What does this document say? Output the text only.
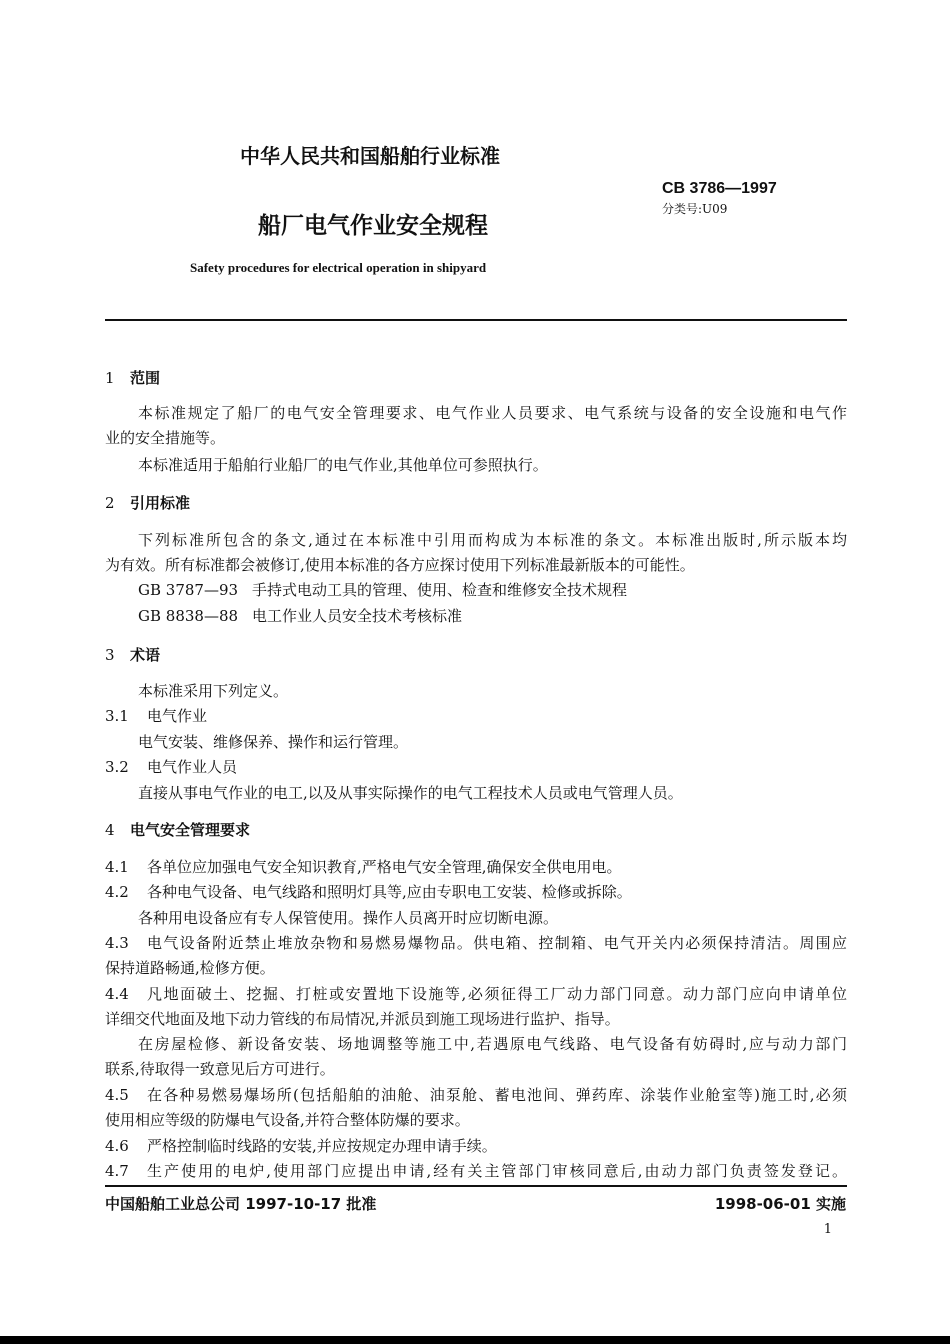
中华人民共和国船舶行业标准
CB 3786—1997
分类号:U09
船厂电气作业安全规程
Safety procedures for electrical operation in shipyard
1 范围
本标准规定了船厂的电气安全管理要求、电气作业人员要求、电气系统与设备的安全设施和电气作
业的安全措施等。
本标准适用于船舶行业船厂的电气作业,其他单位可参照执行。
2 引用标准
下列标准所包含的条文,通过在本标准中引用而构成为本标准的条文。本标准出版时,所示版本均
为有效。所有标准都会被修订,使用本标准的各方应探讨使用下列标准最新版本的可能性。
GB 3787—93 手持式电动工具的管理、使用、检查和维修安全技术规程
GB 8838—88 电工作业人员安全技术考核标准
3 术语
本标准采用下列定义。
3.1 电气作业
电气安装、维修保养、操作和运行管理。
3.2 电气作业人员
直接从事电气作业的电工,以及从事实际操作的电气工程技术人员或电气管理人员。
4 电气安全管理要求
4.1 各单位应加强电气安全知识教育,严格电气安全管理,确保安全供电用电。
4.2 各种电气设备、电气线路和照明灯具等,应由专职电工安装、检修或拆除。
各种用电设备应有专人保管使用。操作人员离开时应切断电源。
4.3	电气设备附近禁止堆放杂物和易燃易爆物品。供电箱、控制箱、电气开关内必须保持清洁。周围应
保持道路畅通,检修方便。
4.4	凡地面破土、挖掘、打桩或安置地下设施等,必须征得工厂动力部门同意。动力部门应向申请单位
详细交代地面及地下动力管线的布局情况,并派员到施工现场进行监护、指导。
在房屋检修、新设备安装、场地调整等施工中,若遇原电气线路、电气设备有妨碍时,应与动力部门
联系,待取得一致意见后方可进行。
4.5	在各种易燃易爆场所(包括船舶的油舱、油泵舱、蓄电池间、弹药库、涂装作业舱室等)施工时,必须
使用相应等级的防爆电气设备,并符合整体防爆的要求。
4.6 严格控制临时线路的安装,并应按规定办理申请手续。
4.7	生产使用的电炉,使用部门应提出申请,经有关主管部门审核同意后,由动力部门负责签发登记。
中国船舶工业总公司 1997-10-17 批准	1998-06-01 实施
1
